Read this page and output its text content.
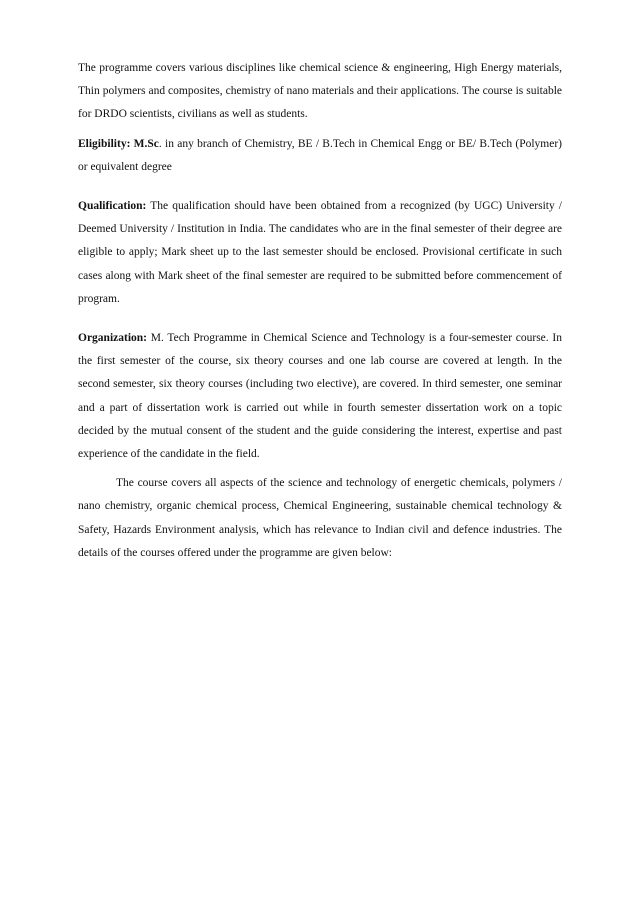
The programme covers various disciplines like chemical science & engineering, High Energy materials, Thin polymers and composites, chemistry of nano materials and their applications. The course is suitable for DRDO scientists, civilians as well as students.

Eligibility: M.Sc. in any branch of Chemistry, BE / B.Tech in Chemical Engg or BE/ B.Tech (Polymer) or equivalent degree

Qualification: The qualification should have been obtained from a recognized (by UGC) University / Deemed University / Institution in India. The candidates who are in the final semester of their degree are eligible to apply; Mark sheet up to the last semester should be enclosed. Provisional certificate in such cases along with Mark sheet of the final semester are required to be submitted before commencement of program.

Organization: M. Tech Programme in Chemical Science and Technology is a four-semester course. In the first semester of the course, six theory courses and one lab course are covered at length. In the second semester, six theory courses (including two elective), are covered. In third semester, one seminar and a part of dissertation work is carried out while in fourth semester dissertation work on a topic decided by the mutual consent of the student and the guide considering the interest, expertise and past experience of the candidate in the field.

The course covers all aspects of the science and technology of energetic chemicals, polymers / nano chemistry, organic chemical process, Chemical Engineering, sustainable chemical technology & Safety, Hazards Environment analysis, which has relevance to Indian civil and defence industries. The details of the courses offered under the programme are given below:
